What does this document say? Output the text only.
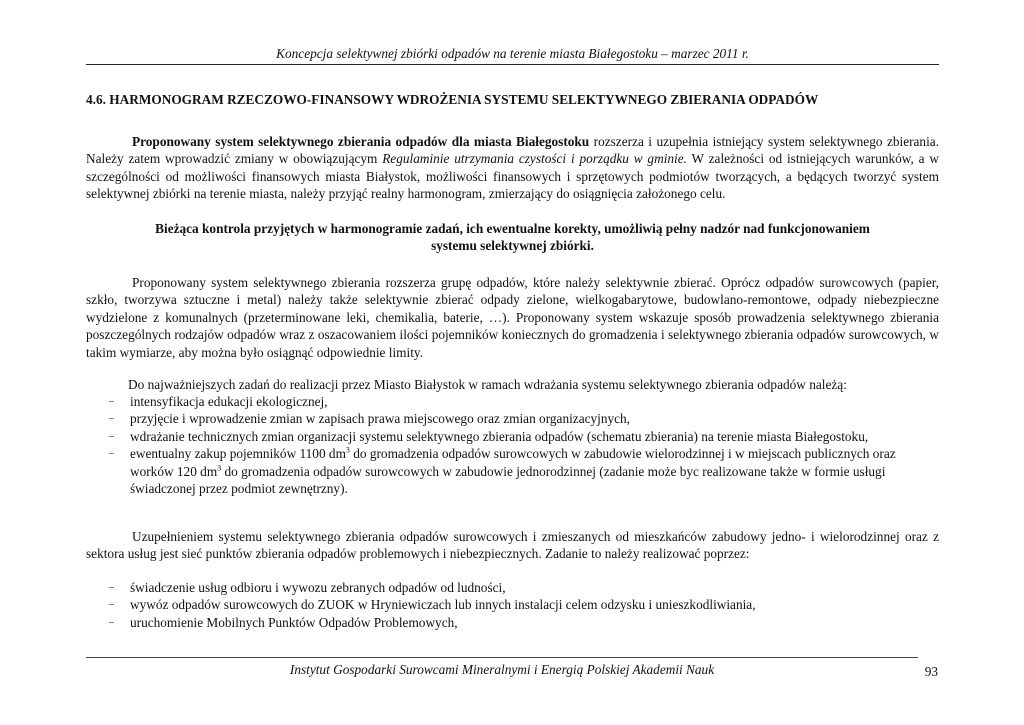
Koncepcja selektywnej zbiórki odpadów na terenie miasta Białegostoku – marzec 2011 r.
4.6. HARMONOGRAM RZECZOWO-FINANSOWY WDROŻENIA SYSTEMU SELEKTYWNEGO ZBIERANIA ODPADÓW
Proponowany system selektywnego zbierania odpadów dla miasta Białegostoku rozszerza i uzupełnia istniejący system selektywnego zbierania. Należy zatem wprowadzić zmiany w obowiązującym Regulaminie utrzymania czystości i porządku w gminie. W zależności od istniejących warunków, a w szczególności od możliwości finansowych miasta Białystok, możliwości finansowych i sprzętowych podmiotów tworzących, a będących tworzyć system selektywnej zbiórki na terenie miasta, należy przyjąć realny harmonogram, zmierzający do osiągnięcia założonego celu.
Bieżąca kontrola przyjętych w harmonogramie zadań, ich ewentualne korekty, umożliwią pełny nadzór nad funkcjonowaniem
systemu selektywnej zbiórki.
Proponowany system selektywnego zbierania rozszerza grupę odpadów, które należy selektywnie zbierać. Oprócz odpadów surowcowych (papier, szkło, tworzywa sztuczne i metal) należy także selektywnie zbierać odpady zielone, wielkogabarytowe, budowlano-remontowe, odpady niebezpieczne wydzielone z komunalnych (przeterminowane leki, chemikalia, baterie, …). Proponowany system wskazuje sposób prowadzenia selektywnego zbierania poszczególnych rodzajów odpadów wraz z oszacowaniem ilości pojemników koniecznych do gromadzenia i selektywnego zbierania odpadów surowcowych, w takim wymiarze, aby można było osiągnąć odpowiednie limity.
Do najważniejszych zadań do realizacji przez Miasto Białystok w ramach wdrażania systemu selektywnego zbierania odpadów należą:
– intensyfikacja edukacji ekologicznej,
– przyjęcie i wprowadzenie zmian w zapisach prawa miejscowego oraz zmian organizacyjnych,
– wdrażanie technicznych zmian organizacji systemu selektywnego zbierania odpadów (schematu zbierania) na terenie miasta Białegostoku,
– ewentualny zakup pojemników 1100 $dm^3$ do gromadzenia odpadów surowcowych w zabudowie wielorodzinnej i w miejscach publicznych oraz worków 120 $dm^3$ do gromadzenia odpadów surowcowych w zabudowie jednorodzinnej (zadanie może byc realizowane także w formie usługi świadczonej przez podmiot zewnętrzny).
Uzupełnieniem systemu selektywnego zbierania odpadów surowcowych i zmieszanych od mieszkańców zabudowy jedno- i wielorodzinnej oraz z sektora usług jest sieć punktów zbierania odpadów problemowych i niebezpiecznych. Zadanie to należy realizować poprzez:
– świadczenie usług odbioru i wywozu zebranych odpadów od ludności,
– wywóz odpadów surowcowych do ZUOK w Hryniewiczach lub innych instalacji celem odzysku i unieszkodliwiania,
– uruchomienie Mobilnych Punktów Odpadów Problemowych,
Instytut Gospodarki Surowcami Mineralnymi i Energią Polskiej Akademii Nauk	93
